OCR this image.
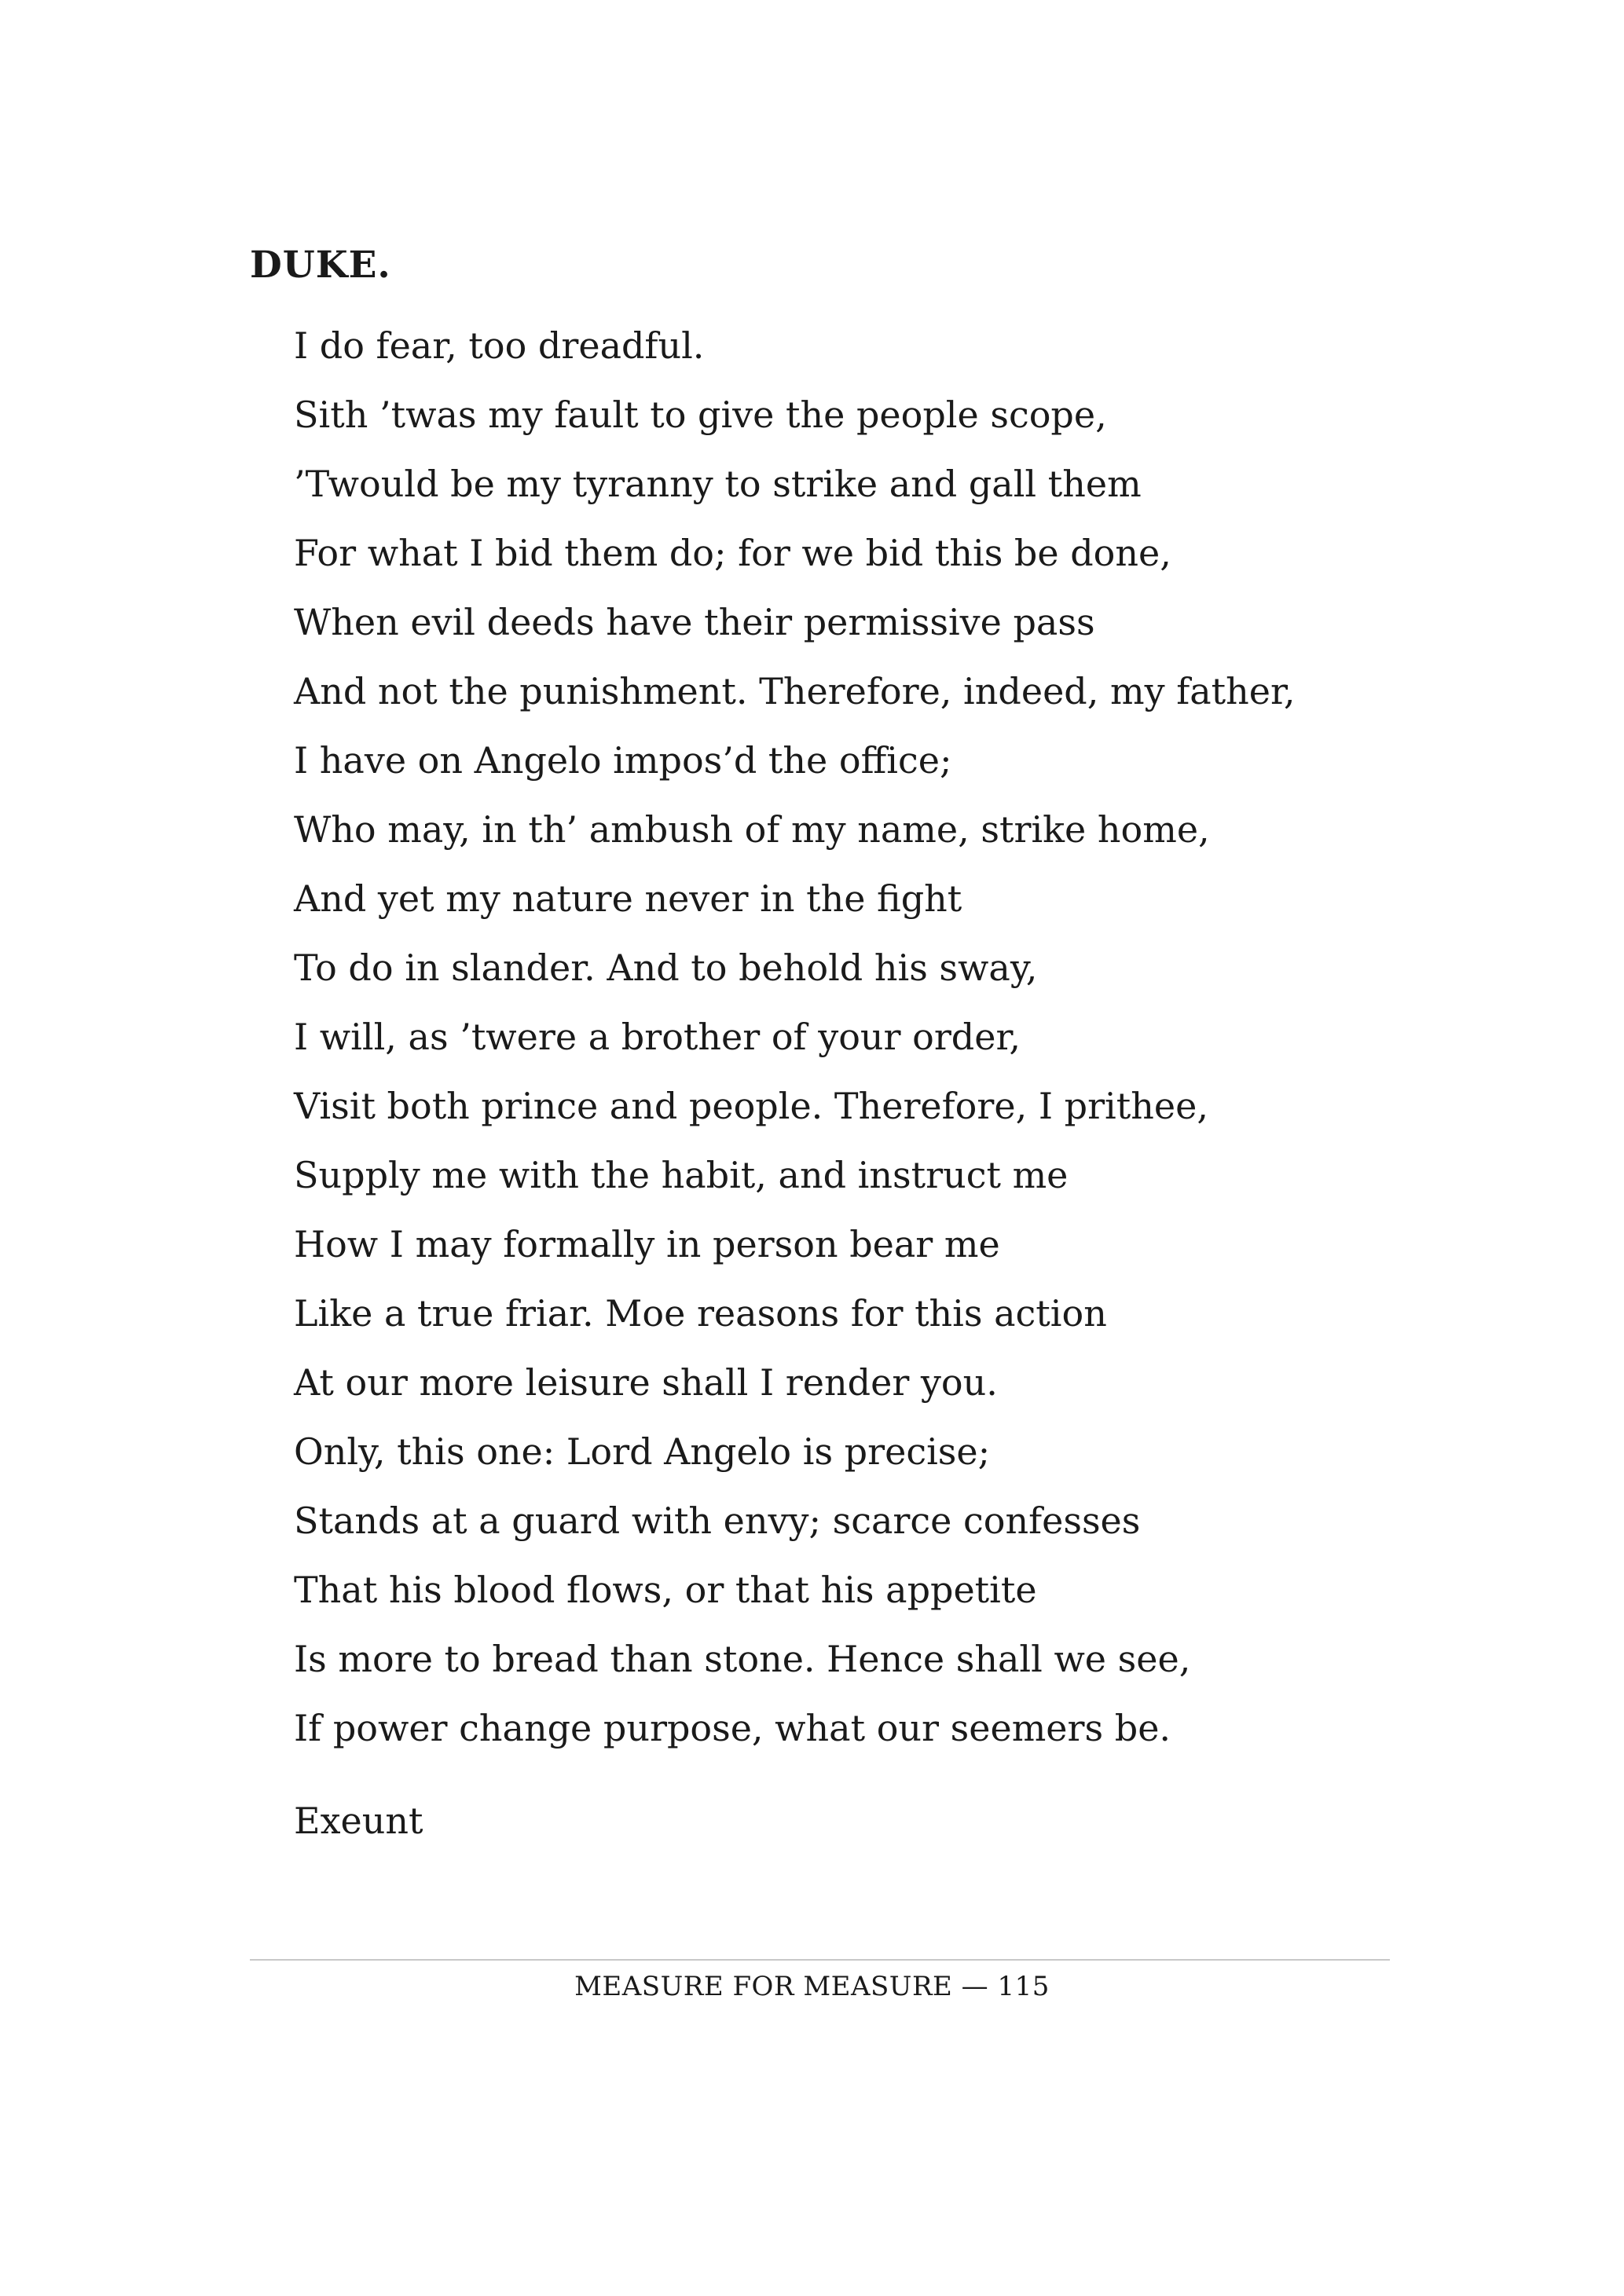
DUKE.
I do fear, too dreadful.
Sith ’twas my fault to give the people scope,
’Twould be my tyranny to strike and gall them
For what I bid them do; for we bid this be done,
When evil deeds have their permissive pass
And not the punishment. Therefore, indeed, my father,
I have on Angelo impos’d the office;
Who may, in th’ ambush of my name, strike home,
And yet my nature never in the fight
To do in slander. And to behold his sway,
I will, as ’twere a brother of your order,
Visit both prince and people. Therefore, I prithee,
Supply me with the habit, and instruct me
How I may formally in person bear me
Like a true friar. Moe reasons for this action
At our more leisure shall I render you.
Only, this one: Lord Angelo is precise;
Stands at a guard with envy; scarce confesses
That his blood flows, or that his appetite
Is more to bread than stone. Hence shall we see,
If power change purpose, what our seemers be.

Exeunt

MEASURE FOR MEASURE — 115
